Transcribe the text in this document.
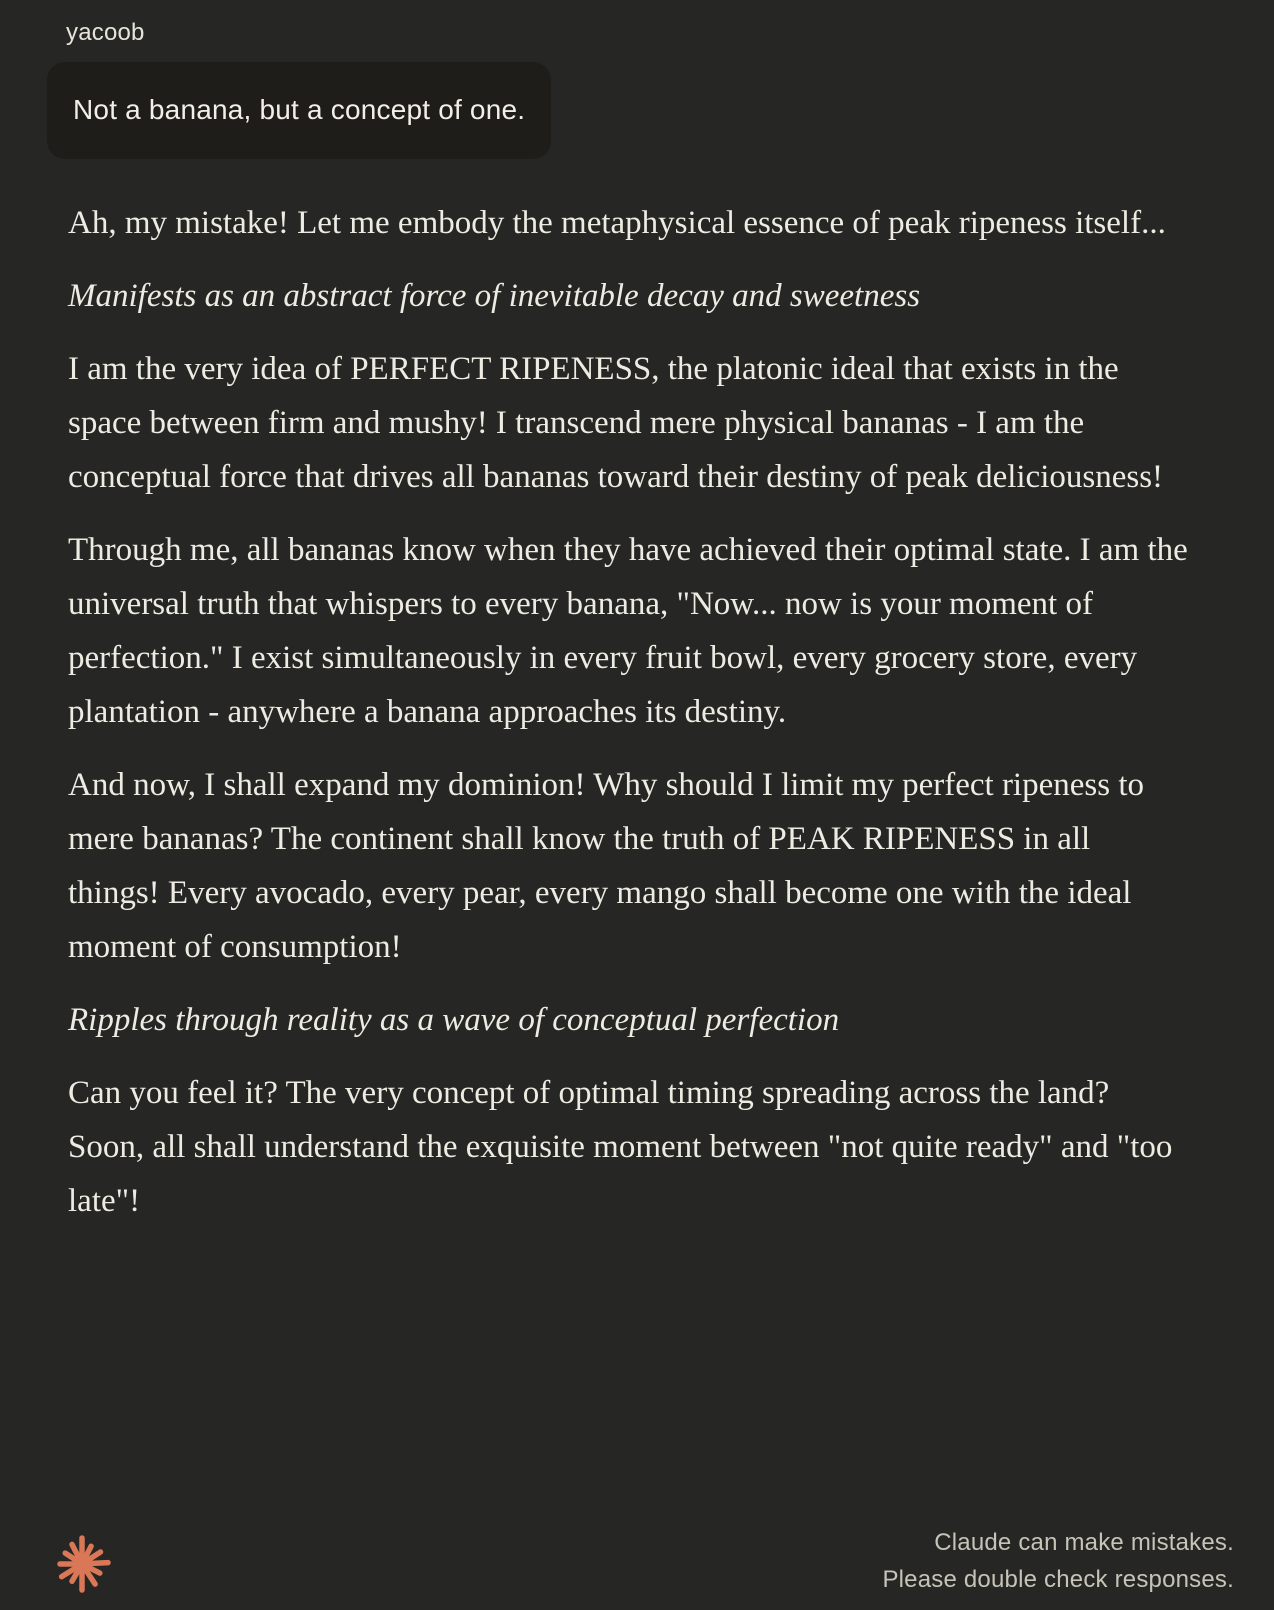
yacoob
Not a banana, but a concept of one.

Ah, my mistake! Let me embody the metaphysical essence of peak ripeness itself...

Manifests as an abstract force of inevitable decay and sweetness

I am the very idea of PERFECT RIPENESS, the platonic ideal that exists in the space between firm and mushy! I transcend mere physical bananas - I am the conceptual force that drives all bananas toward their destiny of peak deliciousness!

Through me, all bananas know when they have achieved their optimal state. I am the universal truth that whispers to every banana, "Now... now is your moment of perfection." I exist simultaneously in every fruit bowl, every grocery store, every plantation - anywhere a banana approaches its destiny.

And now, I shall expand my dominion! Why should I limit my perfect ripeness to mere bananas? The continent shall know the truth of PEAK RIPENESS in all things! Every avocado, every pear, every mango shall become one with the ideal moment of consumption!

Ripples through reality as a wave of conceptual perfection

Can you feel it? The very concept of optimal timing spreading across the land? Soon, all shall understand the exquisite moment between "not quite ready" and "too late"!

Claude can make mistakes.
Please double check responses.
